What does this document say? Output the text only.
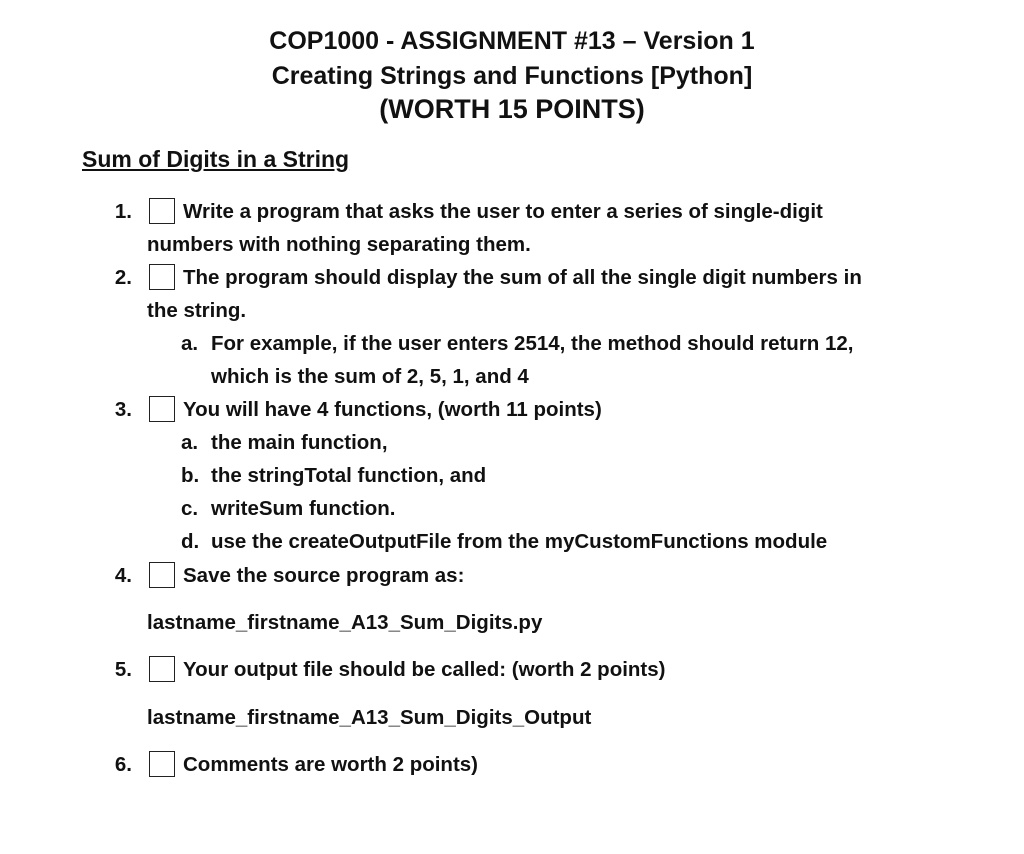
COP1000 - ASSIGNMENT #13 – Version 1
Creating Strings and Functions [Python]
(WORTH 15 POINTS)
Sum of Digits in a String
1. Write a program that asks the user to enter a series of single-digit
numbers with nothing separating them.
2. The program should display the sum of all the single digit numbers in
the string.
a. For example, if the user enters 2514, the method should return 12,
which is the sum of 2, 5, 1, and 4
3. You will have 4 functions, (worth 11 points)
a. the main function,
b. the stringTotal function, and
c. writeSum function.
d. use the createOutputFile from the myCustomFunctions module
4. Save the source program as:
lastname_firstname_A13_Sum_Digits.py
5. Your output file should be called: (worth 2 points)
lastname_firstname_A13_Sum_Digits_Output
6. Comments are worth 2 points)
